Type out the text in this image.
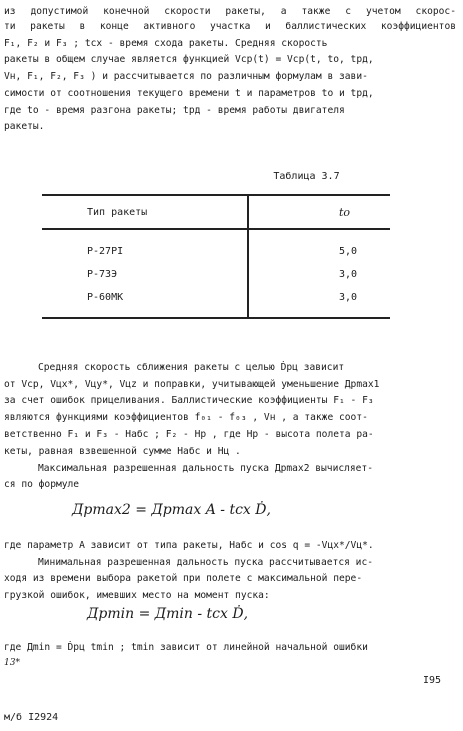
из допустимой конечной скорости ракеты, а также с учетом скорос-
ти ракеты в конце активного участка и баллистических коэффициентов
F₁, F₂ и F₃ ; tсх - время схода ракеты. Средняя скорость
ракеты в общем случае является функцией Vср(t) = Vср(t, tо, tрд,
Vн, F₁, F₂, F₃ ) и рассчитывается по различным формулам в зави-
симости от соотношения текущего времени t и параметров tо и tрд,
где tо - время разгона ракеты; tрд - время работы двигателя
ракеты.
Таблица 3.7
Тип ракеты	tо
Р-27РI	5,0
Р-73Э	3,0
Р-60МК	3,0
Средняя скорость сближения ракеты с целью Ḋрц зависит
от Vср, Vцх*, Vцу*, Vцz и поправки, учитывающей уменьшение Дрmax1
за счет ошибок прицеливания. Баллистические коэффициенты F₁ - F₃
являются функциями коэффициентов f₀₁ - f₀₃ , Vн , а также соот-
ветственно F₁ и F₃ - Hабс ; F₂ - Hр , где Hр - высота полета ра-
кеты, равная взвешенной сумме Hабс и Hц .
Максимальная разрешенная дальность пуска Дрmax2 вычисляет-
ся по формуле
Дрmax2 = Дрmax A - tсх Ḋ,
где параметр А зависит от типа ракеты, Hабс и cos q = -Vцх*/Vц*.
Минимальная разрешенная дальность пуска рассчитывается ис-
ходя из времени выбора ракетой при полете с максимальной пере-
грузкой ошибок, имевших место на момент пуска:
Дрmin = Дmin - tсх Ḋ,
где Дmin = Ḋрц tmin ; tmin зависит от линейной начальной ошибки
13*
I95
м/б I2924
